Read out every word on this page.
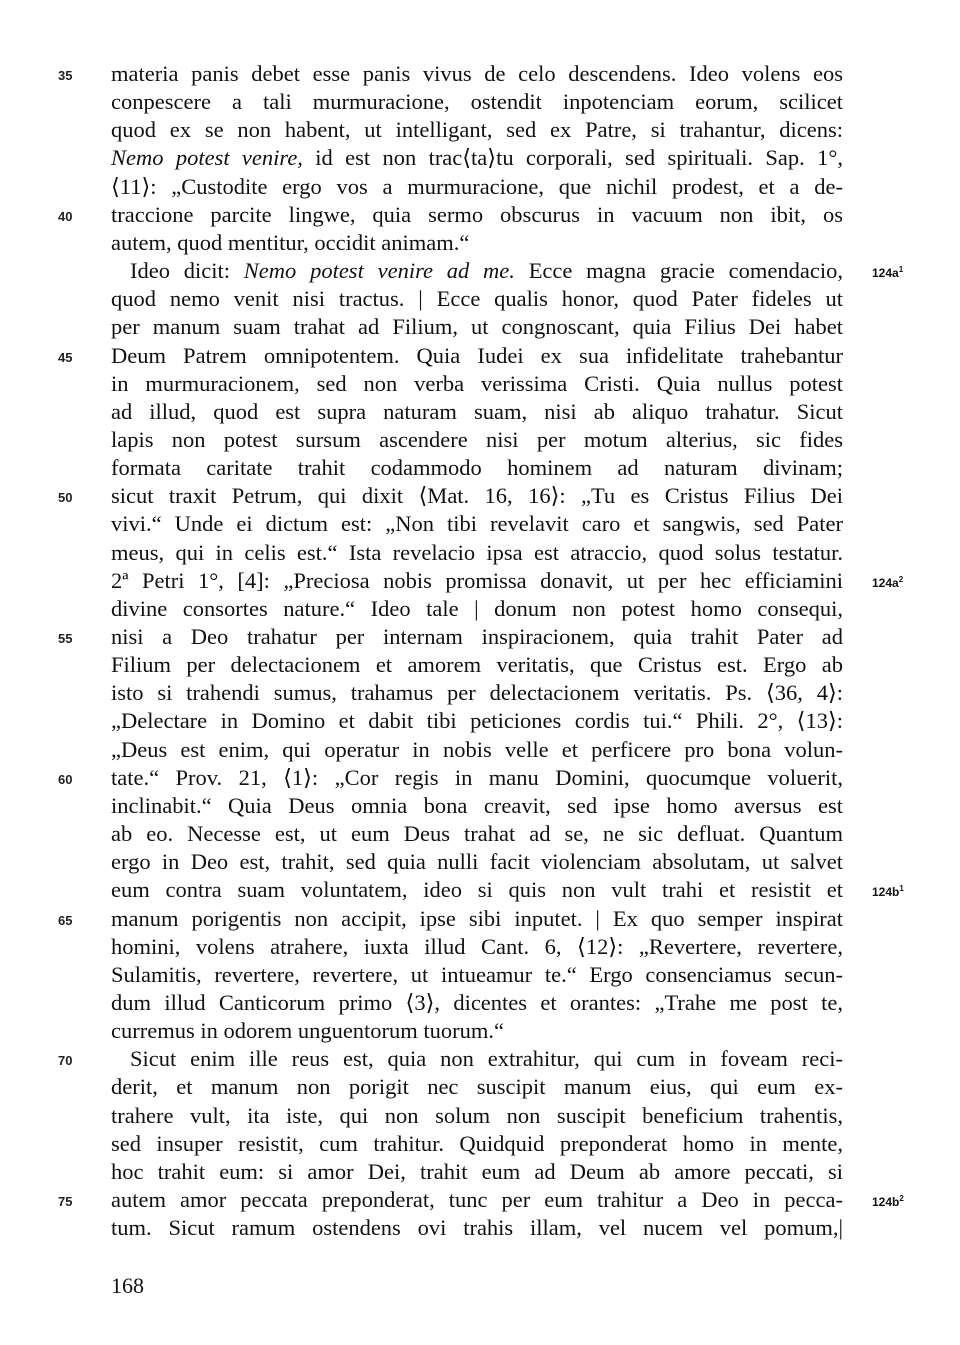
materia panis debet esse panis vivus de celo descendens. Ideo volens eos
conpescere a tali murmuracione, ostendit inpotenciam eorum, scilicet
quod ex se non habent, ut intelligant, sed ex Patre, si trahantur, dicens:
Nemo potest venire, id est non trac⟨ta⟩tu corporali, sed spirituali. Sap. 1°,
⟨11⟩: „Custodite ergo vos a murmuracione, que nichil prodest, et a de-
traccione parcite lingwe, quia sermo obscurus in vacuum non ibit, os
autem, quod mentitur, occidit animam.“
Ideo dicit: Nemo potest venire ad me. Ecce magna gracie comendacio,
quod nemo venit nisi tractus. | Ecce qualis honor, quod Pater fideles ut
per manum suam trahat ad Filium, ut congnoscant, quia Filius Dei habet
Deum Patrem omnipotentem. Quia Iudei ex sua infidelitate trahebantur
in murmuracionem, sed non verba verissima Cristi. Quia nullus potest
ad illud, quod est supra naturam suam, nisi ab aliquo trahatur. Sicut
lapis non potest sursum ascendere nisi per motum alterius, sic fides
formata caritate trahit codammodo hominem ad naturam divinam;
sicut traxit Petrum, qui dixit ⟨Mat. 16, 16⟩: „Tu es Cristus Filius Dei
vivi.“ Unde ei dictum est: „Non tibi revelavit caro et sangwis, sed Pater
meus, qui in celis est.“ Ista revelacio ipsa est atraccio, quod solus testatur.
2ª Petri 1°, [4]: „Preciosa nobis promissa donavit, ut per hec efficiamini
divine consortes nature.“ Ideo tale | donum non potest homo consequi,
nisi a Deo trahatur per internam inspiracionem, quia trahit Pater ad
Filium per delectacionem et amorem veritatis, que Cristus est. Ergo ab
isto si trahendi sumus, trahamus per delectacionem veritatis. Ps. ⟨36, 4⟩:
„Delectare in Domino et dabit tibi peticiones cordis tui.“ Phili. 2°, ⟨13⟩:
„Deus est enim, qui operatur in nobis velle et perficere pro bona volun-
tate.“ Prov. 21, ⟨1⟩: „Cor regis in manu Domini, quocumque voluerit,
inclinabit.“ Quia Deus omnia bona creavit, sed ipse homo aversus est
ab eo. Necesse est, ut eum Deus trahat ad se, ne sic defluat. Quantum
ergo in Deo est, trahit, sed quia nulli facit violenciam absolutam, ut salvet
eum contra suam voluntatem, ideo si quis non vult trahi et resistit et
manum porigentis non accipit, ipse sibi inputet. | Ex quo semper inspirat
homini, volens atrahere, iuxta illud Cant. 6, ⟨12⟩: „Revertere, revertere,
Sulamitis, revertere, revertere, ut intueamur te.“ Ergo consenciamus secun-
dum illud Canticorum primo ⟨3⟩, dicentes et orantes: „Trahe me post te,
curremus in odorem unguentorum tuorum.“
Sicut enim ille reus est, quia non extrahitur, qui cum in foveam reci-
derit, et manum non porigit nec suscipit manum eius, qui eum ex-
trahere vult, ita iste, qui non solum non suscipit beneficium trahentis,
sed insuper resistit, cum trahitur. Quidquid preponderat homo in mente,
hoc trahit eum: si amor Dei, trahit eum ad Deum ab amore peccati, si
autem amor peccata preponderat, tunc per eum trahitur a Deo in pecca-
tum. Sicut ramum ostendens ovi trahis illam, vel nucem vel pomum,|
35
40
45
50
55
60
65
70
75
$124a^1$
$124a^2$
$124b^1$
$124b^2$
168
